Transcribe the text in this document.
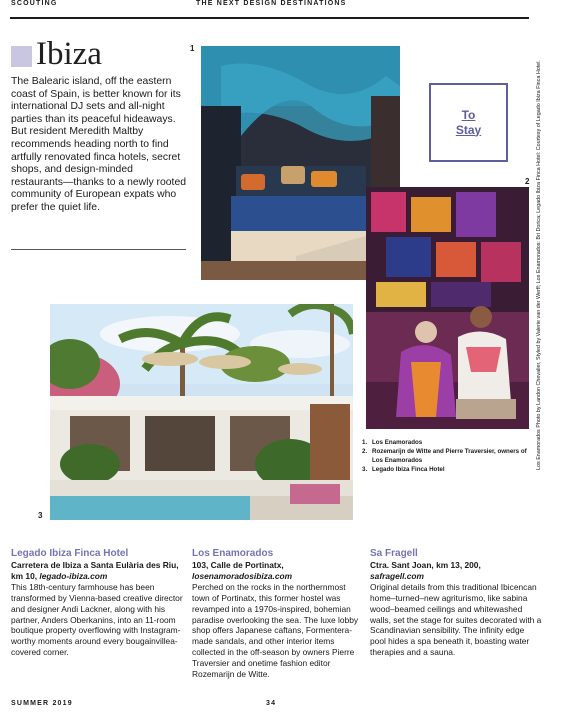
SCOUTING	THE NEXT DESIGN DESTINATIONS
Ibiza

The Balearic island, off the eastern coast of Spain, is better known for its international DJ sets and all-night parties than its peaceful hideaways. But resident Meredith Maltby recommends heading north to find artfully renovated finca hotels, secret shops, and design-minded restaurants—thanks to a newly rooted community of European expats who prefer the quiet life.

1
To Stay
2
3
1. Los Enamorados
2. Rozemarijn de Witte and Pierre Traversier, owners of Los Enamorados
3. Legado Ibiza Finca Hotel	Los Enamorados Photo by Landon Chevalier, Styled by Valerie van der Werff; Los Enamorados: Bri Dorica; Legado Ibiza Finca Hotel: Courtesy of Legado Ibiza Finca Hotel.
Legado Ibiza Finca Hotel
Carretera de Ibiza a Santa Eulària des Riu, km 10, legado-ibiza.com

This 18th-century farmhouse has been transformed by Vienna-based creative director and designer Andi Lackner, along with his partner, Anders Oberkanins, into an 11-room boutique property overflowing with Instagram-worthy moments around every bougainvillea-covered corner.

Los Enamorados
103, Calle de Portinatx,
losenamoradosibiza.com

Perched on the rocks in the northernmost town of Portinatx, this former hostel was revamped into a 1970s-inspired, bohemian paradise overlooking the sea. The luxe lobby shop offers Japanese caftans, Formentera-made sandals, and other interior items collected in the off-season by owners Pierre Traversier and onetime fashion editor Rozemarijn de Witte.

Sa Fragell
Ctra. Sant Joan, km 13, 200,
safragell.com

Original details from this traditional Ibicencan home–turned–new agriturismo, like sabina wood–beamed ceilings and whitewashed walls, set the stage for suites decorated with a Scandinavian sensibility. The infinity edge pool hides a spa beneath it, boasting water therapies and a sauna.

SUMMER 2019	34
